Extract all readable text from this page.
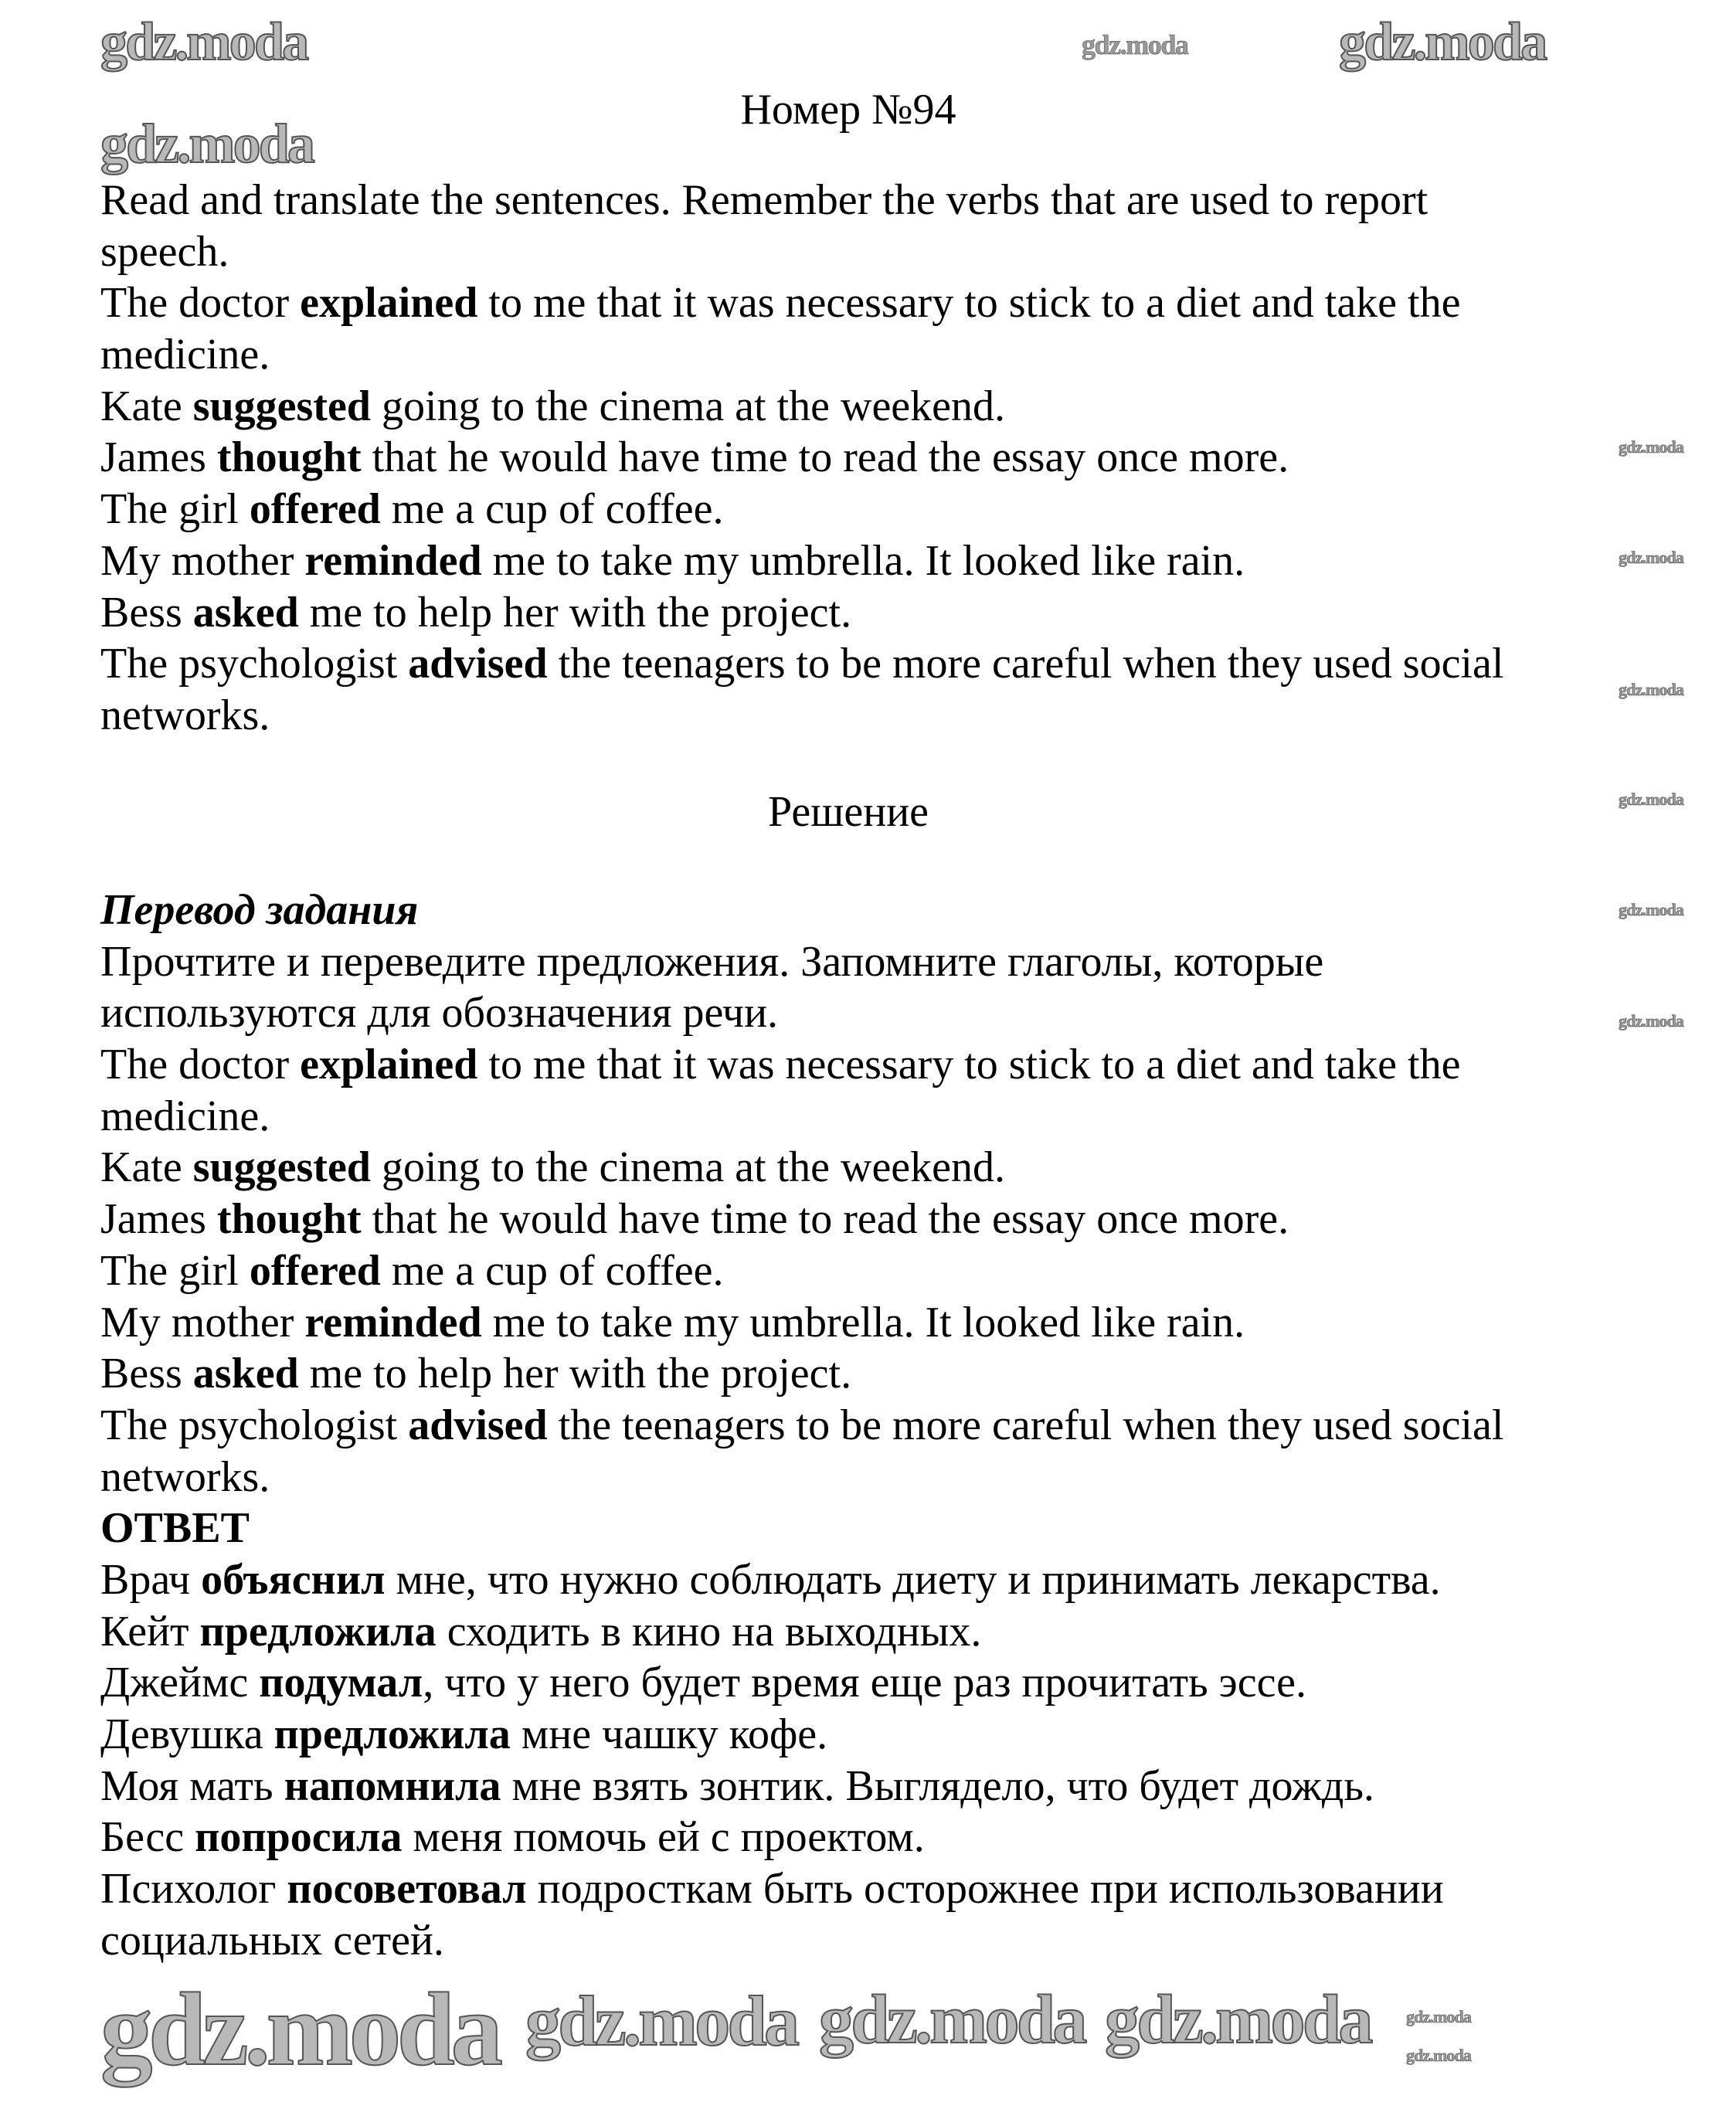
Номер №94
Read and translate the sentences. Remember the verbs that are used to report
speech.
The doctor explained to me that it was necessary to stick to a diet and take the
medicine.
Kate suggested going to the cinema at the weekend.
James thought that he would have time to read the essay once more.
The girl offered me a cup of coffee.
My mother reminded me to take my umbrella. It looked like rain.
Bess asked me to help her with the project.
The psychologist advised the teenagers to be more careful when they used social
networks.
Решение
Перевод задания
Прочтите и переведите предложения. Запомните глаголы, которые
используются для обозначения речи.
The doctor explained to me that it was necessary to stick to a diet and take the
medicine.
Kate suggested going to the cinema at the weekend.
James thought that he would have time to read the essay once more.
The girl offered me a cup of coffee.
My mother reminded me to take my umbrella. It looked like rain.
Bess asked me to help her with the project.
The psychologist advised the teenagers to be more careful when they used social
networks.
ОТВЕТ
Врач объяснил мне, что нужно соблюдать диету и принимать лекарства.
Кейт предложила сходить в кино на выходных.
Джеймс подумал, что у него будет время еще раз прочитать эссе.
Девушка предложила мне чашку кофе.
Моя мать напомнила мне взять зонтик. Выглядело, что будет дождь.
Бесс попросила меня помочь ей с проектом.
Психолог посоветовал подросткам быть осторожнее при использовании
социальных сетей.
gdz.moda	gdz.moda
gdz.moda
gdz.moda
gdz.moda
gdz.moda
gdz.moda
gdz.moda
gdz.moda
gdz.moda
gdz.moda gdz.moda gdz.moda gdz.moda gdz.moda
gdz.moda
